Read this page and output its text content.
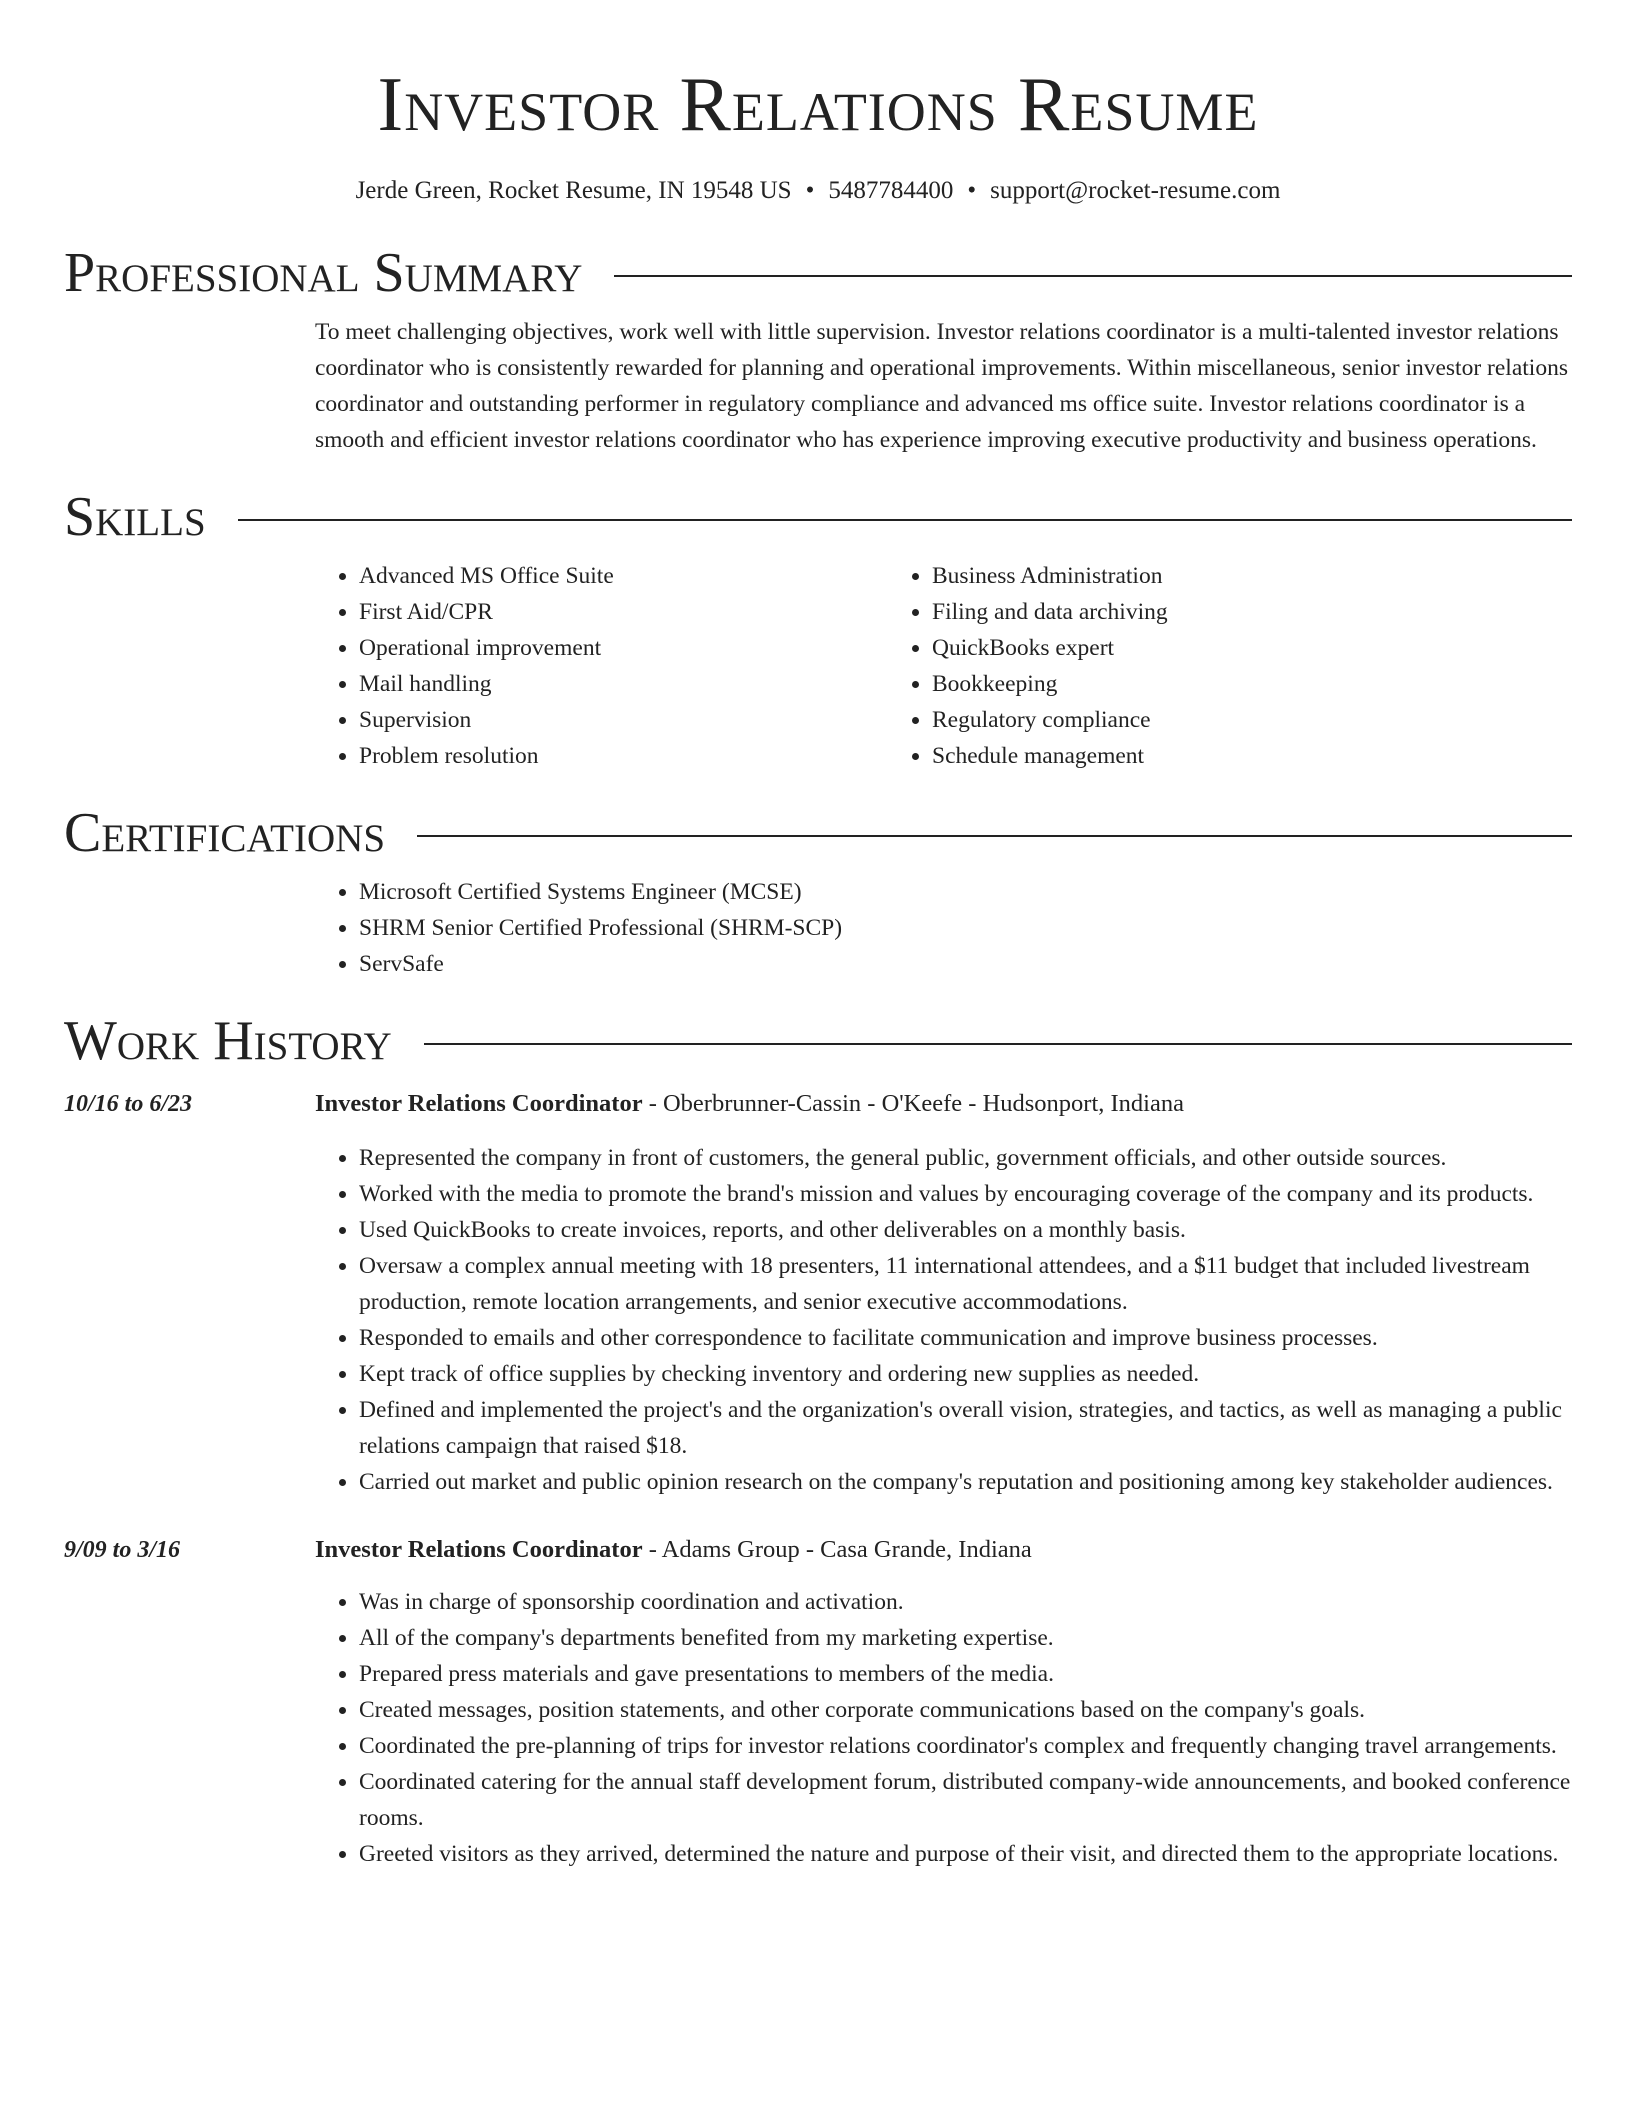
Investor Relations Resume
Jerde Green, Rocket Resume, IN 19548 US • 5487784400 • support@rocket-resume.com
Professional Summary

To meet challenging objectives, work well with little supervision. Investor relations coordinator is a multi-talented investor relations coordinator who is consistently rewarded for planning and operational improvements. Within miscellaneous, senior investor relations coordinator and outstanding performer in regulatory compliance and advanced ms office suite. Investor relations coordinator is a smooth and efficient investor relations coordinator who has experience improving executive productivity and business operations.

Skills
• Advanced MS Office Suite
• First Aid/CPR
• Operational improvement
• Mail handling
• Supervision
• Problem resolution
• Business Administration
• Filing and data archiving
• QuickBooks expert
• Bookkeeping
• Regulatory compliance
• Schedule management
Certifications
• Microsoft Certified Systems Engineer (MCSE)
• SHRM Senior Certified Professional (SHRM-SCP)
• ServSafe
Work History
10/16 to 6/23	Investor Relations Coordinator - Oberbrunner-Cassin - O'Keefe - Hudsonport, Indiana
• Represented the company in front of customers, the general public, government officials, and other outside sources.
• Worked with the media to promote the brand's mission and values by encouraging coverage of the company and its products.
• Used QuickBooks to create invoices, reports, and other deliverables on a monthly basis.
• Oversaw a complex annual meeting with 18 presenters, 11 international attendees, and a $11 budget that included livestream production, remote location arrangements, and senior executive accommodations.
• Responded to emails and other correspondence to facilitate communication and improve business processes.
• Kept track of office supplies by checking inventory and ordering new supplies as needed.
• Defined and implemented the project's and the organization's overall vision, strategies, and tactics, as well as managing a public relations campaign that raised $18.
• Carried out market and public opinion research on the company's reputation and positioning among key stakeholder audiences.
9/09 to 3/16	Investor Relations Coordinator - Adams Group - Casa Grande, Indiana
• Was in charge of sponsorship coordination and activation.
• All of the company's departments benefited from my marketing expertise.
• Prepared press materials and gave presentations to members of the media.
• Created messages, position statements, and other corporate communications based on the company's goals.
• Coordinated the pre-planning of trips for investor relations coordinator's complex and frequently changing travel arrangements.
• Coordinated catering for the annual staff development forum, distributed company-wide announcements, and booked conference rooms.
• Greeted visitors as they arrived, determined the nature and purpose of their visit, and directed them to the appropriate locations.
